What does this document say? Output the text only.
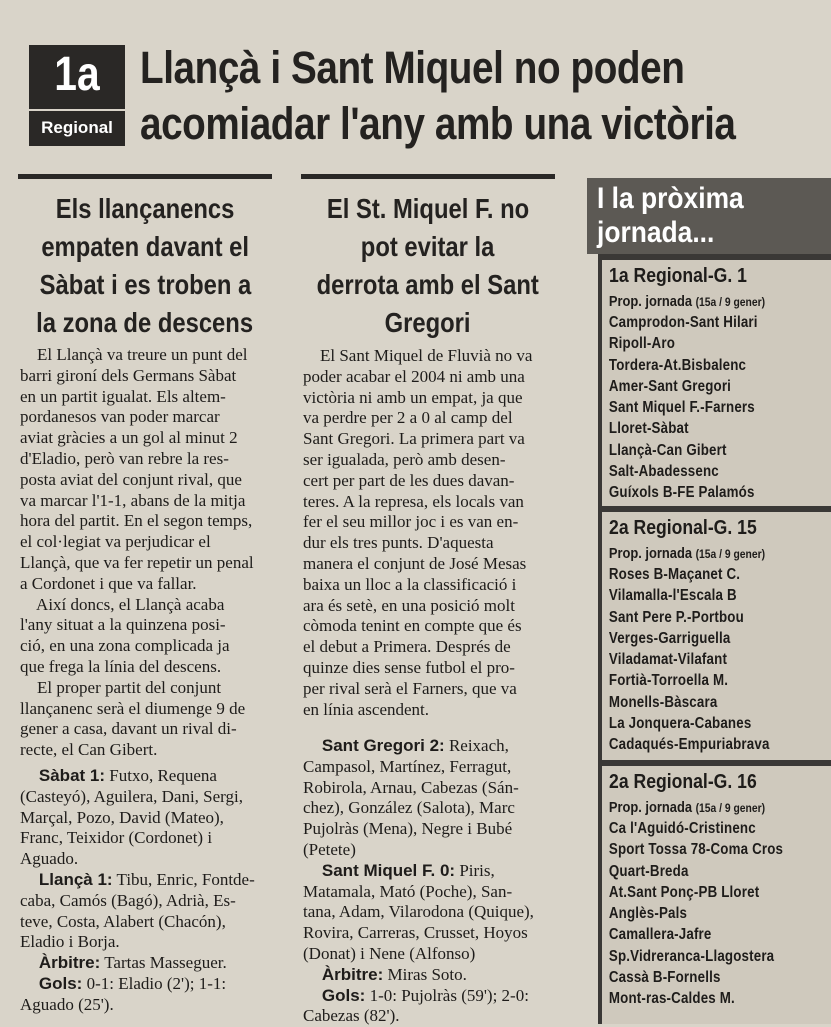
1a
Regional
Llançà i Sant Miquel no poden
acomiadar l'any amb una victòria
Els llançanencs
empaten davant el
Sàbat i es troben a
la zona de descens
El Llançà va treure un punt del
barri gironí dels Germans Sàbat
en un partit igualat. Els altem-
pordanesos van poder marcar
aviat gràcies a un gol al minut 2
d'Eladio, però van rebre la res-
posta aviat del conjunt rival, que
va marcar l'1-1, abans de la mitja
hora del partit. En el segon temps,
el col·legiat va perjudicar el
Llançà, que va fer repetir un penal
a Cordonet i que va fallar.
Així doncs, el Llançà acaba
l'any situat a la quinzena posi-
ció, en una zona complicada ja
que frega la línia del descens.
El proper partit del conjunt
llançanenc serà el diumenge 9 de
gener a casa, davant un rival di-
recte, el Can Gibert.
Sàbat 1: Futxo, Requena
(Casteyó), Aguilera, Dani, Sergi,
Marçal, Pozo, David (Mateo),
Franc, Teixidor (Cordonet) i
Aguado.
Llançà 1: Tibu, Enric, Fontde-
caba, Camós (Bagó), Adrià, Es-
teve, Costa, Alabert (Chacón),
Eladio i Borja.
Àrbitre: Tartas Masseguer.
Gols: 0-1: Eladio (2'); 1-1:
Aguado (25').
El St. Miquel F. no
pot evitar la
derrota amb el Sant
Gregori
El Sant Miquel de Fluvià no va
poder acabar el 2004 ni amb una
victòria ni amb un empat, ja que
va perdre per 2 a 0 al camp del
Sant Gregori. La primera part va
ser igualada, però amb desen-
cert per part de les dues davan-
teres. A la represa, els locals van
fer el seu millor joc i es van en-
dur els tres punts. D'aquesta
manera el conjunt de José Mesas
baixa un lloc a la classificació i
ara és setè, en una posició molt
còmoda tenint en compte que és
el debut a Primera. Després de
quinze dies sense futbol el pro-
per rival serà el Farners, que va
en línia ascendent.
Sant Gregori 2: Reixach,
Campasol, Martínez, Ferragut,
Robirola, Arnau, Cabezas (Sán-
chez), González (Salota), Marc
Pujolràs (Mena), Negre i Bubé
(Petete)
Sant Miquel F. 0: Piris,
Matamala, Mató (Poche), San-
tana, Adam, Vilarodona (Quique),
Rovira, Carreras, Crusset, Hoyos
(Donat) i Nene (Alfonso)
Àrbitre: Miras Soto.
Gols: 1-0: Pujolràs (59'); 2-0:
Cabezas (82').
I la pròxima
jornada...
1a Regional-G. 1
Prop. jornada (15a / 9 gener)
Camprodon-Sant Hilari
Ripoll-Aro
Tordera-At.Bisbalenc
Amer-Sant Gregori
Sant Miquel F.-Farners
Lloret-Sàbat
Llançà-Can Gibert
Salt-Abadessenc
Guíxols B-FE Palamós
2a Regional-G. 15
Prop. jornada (15a / 9 gener)
Roses B-Maçanet C.
Vilamalla-l'Escala B
Sant Pere P.-Portbou
Verges-Garriguella
Viladamat-Vilafant
Fortià-Torroella M.
Monells-Bàscara
La Jonquera-Cabanes
Cadaqués-Empuriabrava
2a Regional-G. 16
Prop. jornada (15a / 9 gener)
Ca l'Aguidó-Cristinenc
Sport Tossa 78-Coma Cros
Quart-Breda
At.Sant Ponç-PB Lloret
Anglès-Pals
Camallera-Jafre
Sp.Vidreranca-Llagostera
Cassà B-Fornells
Mont-ras-Caldes M.
